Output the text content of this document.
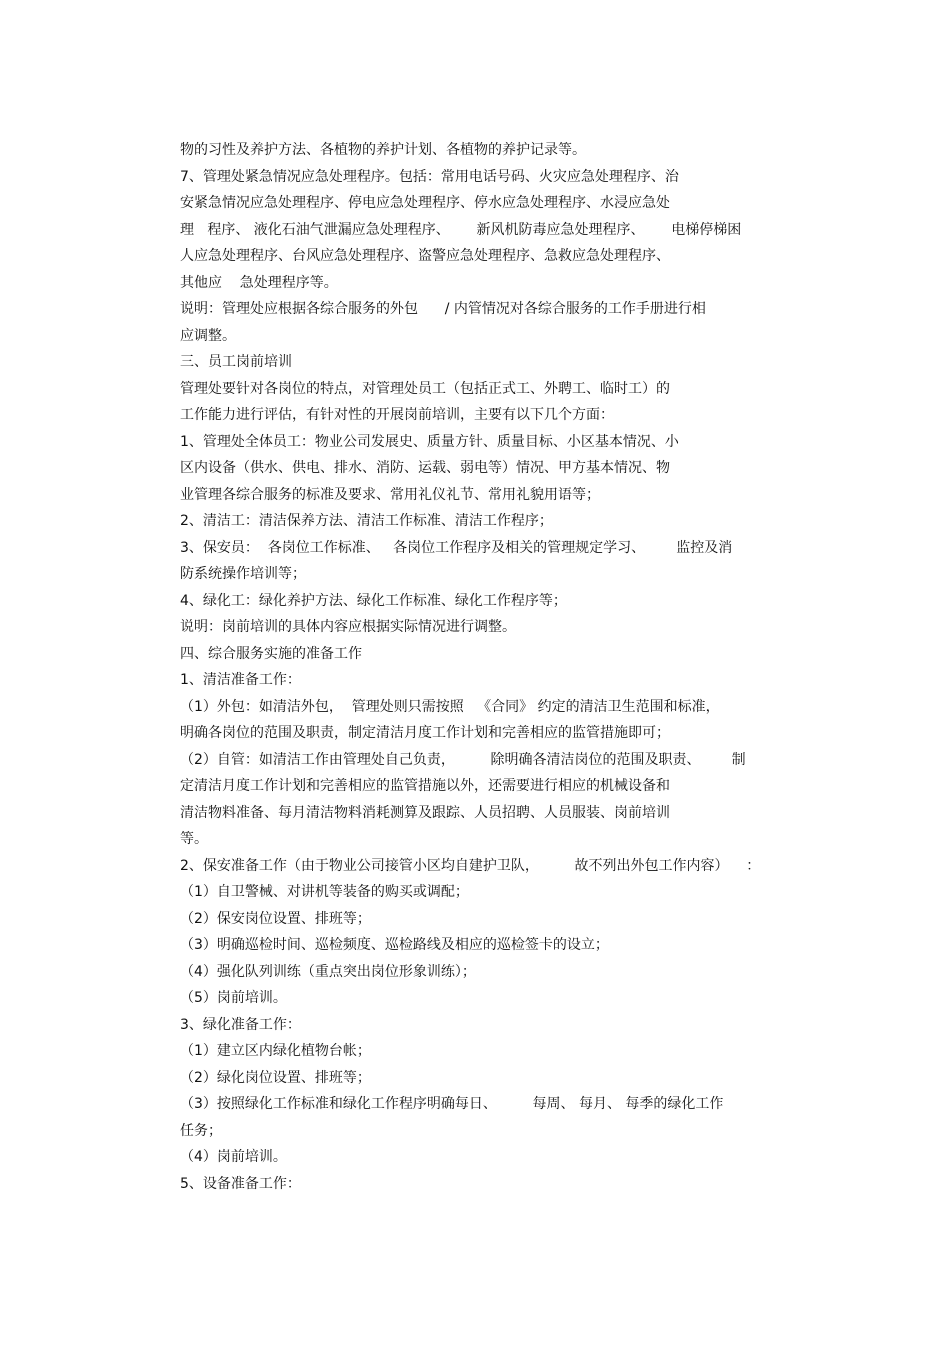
物的习性及养护方法、各植物的养护计划、各植物的养护记录等。
7、管理处紧急情况应急处理程序。包括：常用电话号码、火灾应急处理程序、治
安紧急情况应急处理程序、停电应急处理程序、停水应急处理程序、水浸应急处
理   程序、 液化石油气泄漏应急处理程序、      新风机防毒应急处理程序、      电梯停梯困
人应急处理程序、台风应急处理程序、盗警应急处理程序、急救应急处理程序、
其他应    急处理程序等。
说明：管理处应根据各综合服务的外包      / 内管情况对各综合服务的工作手册进行相
应调整。
三、员工岗前培训
管理处要针对各岗位的特点，对管理处员工（包括正式工、外聘工、临时工）的
工作能力进行评估，有针对性的开展岗前培训，主要有以下几个方面：
1、管理处全体员工：物业公司发展史、质量方针、质量目标、小区基本情况、小
区内设备（供水、供电、排水、消防、运载、弱电等）情况、甲方基本情况、物
业管理各综合服务的标准及要求、常用礼仪礼节、常用礼貌用语等；
2、清洁工：清洁保养方法、清洁工作标准、清洁工作程序；
3、保安员：  各岗位工作标准、   各岗位工作程序及相关的管理规定学习、       监控及消
防系统操作培训等；
4、绿化工：绿化养护方法、绿化工作标准、绿化工作程序等；
说明：岗前培训的具体内容应根据实际情况进行调整。
四、综合服务实施的准备工作
1、清洁准备工作：
（1）外包：如清洁外包，  管理处则只需按照   《合同》 约定的清洁卫生范围和标准，
明确各岗位的范围及职责，制定清洁月度工作计划和完善相应的监管措施即可；
（2）自管：如清洁工作由管理处自己负责，        除明确各清洁岗位的范围及职责、       制
定清洁月度工作计划和完善相应的监管措施以外，还需要进行相应的机械设备和
清洁物料准备、每月清洁物料消耗测算及跟踪、人员招聘、人员服装、岗前培训
等。
2、保安准备工作（由于物业公司接管小区均自建护卫队，        故不列出外包工作内容）    ：
（1）自卫警械、对讲机等装备的购买或调配；
（2）保安岗位设置、排班等；
（3）明确巡检时间、巡检频度、巡检路线及相应的巡检签卡的设立；
（4）强化队列训练（重点突出岗位形象训练）；
（5）岗前培训。
3、绿化准备工作：
（1）建立区内绿化植物台帐；
（2）绿化岗位设置、排班等；
（3）按照绿化工作标准和绿化工作程序明确每日、        每周、 每月、 每季的绿化工作
任务；
（4）岗前培训。
5、设备准备工作：
